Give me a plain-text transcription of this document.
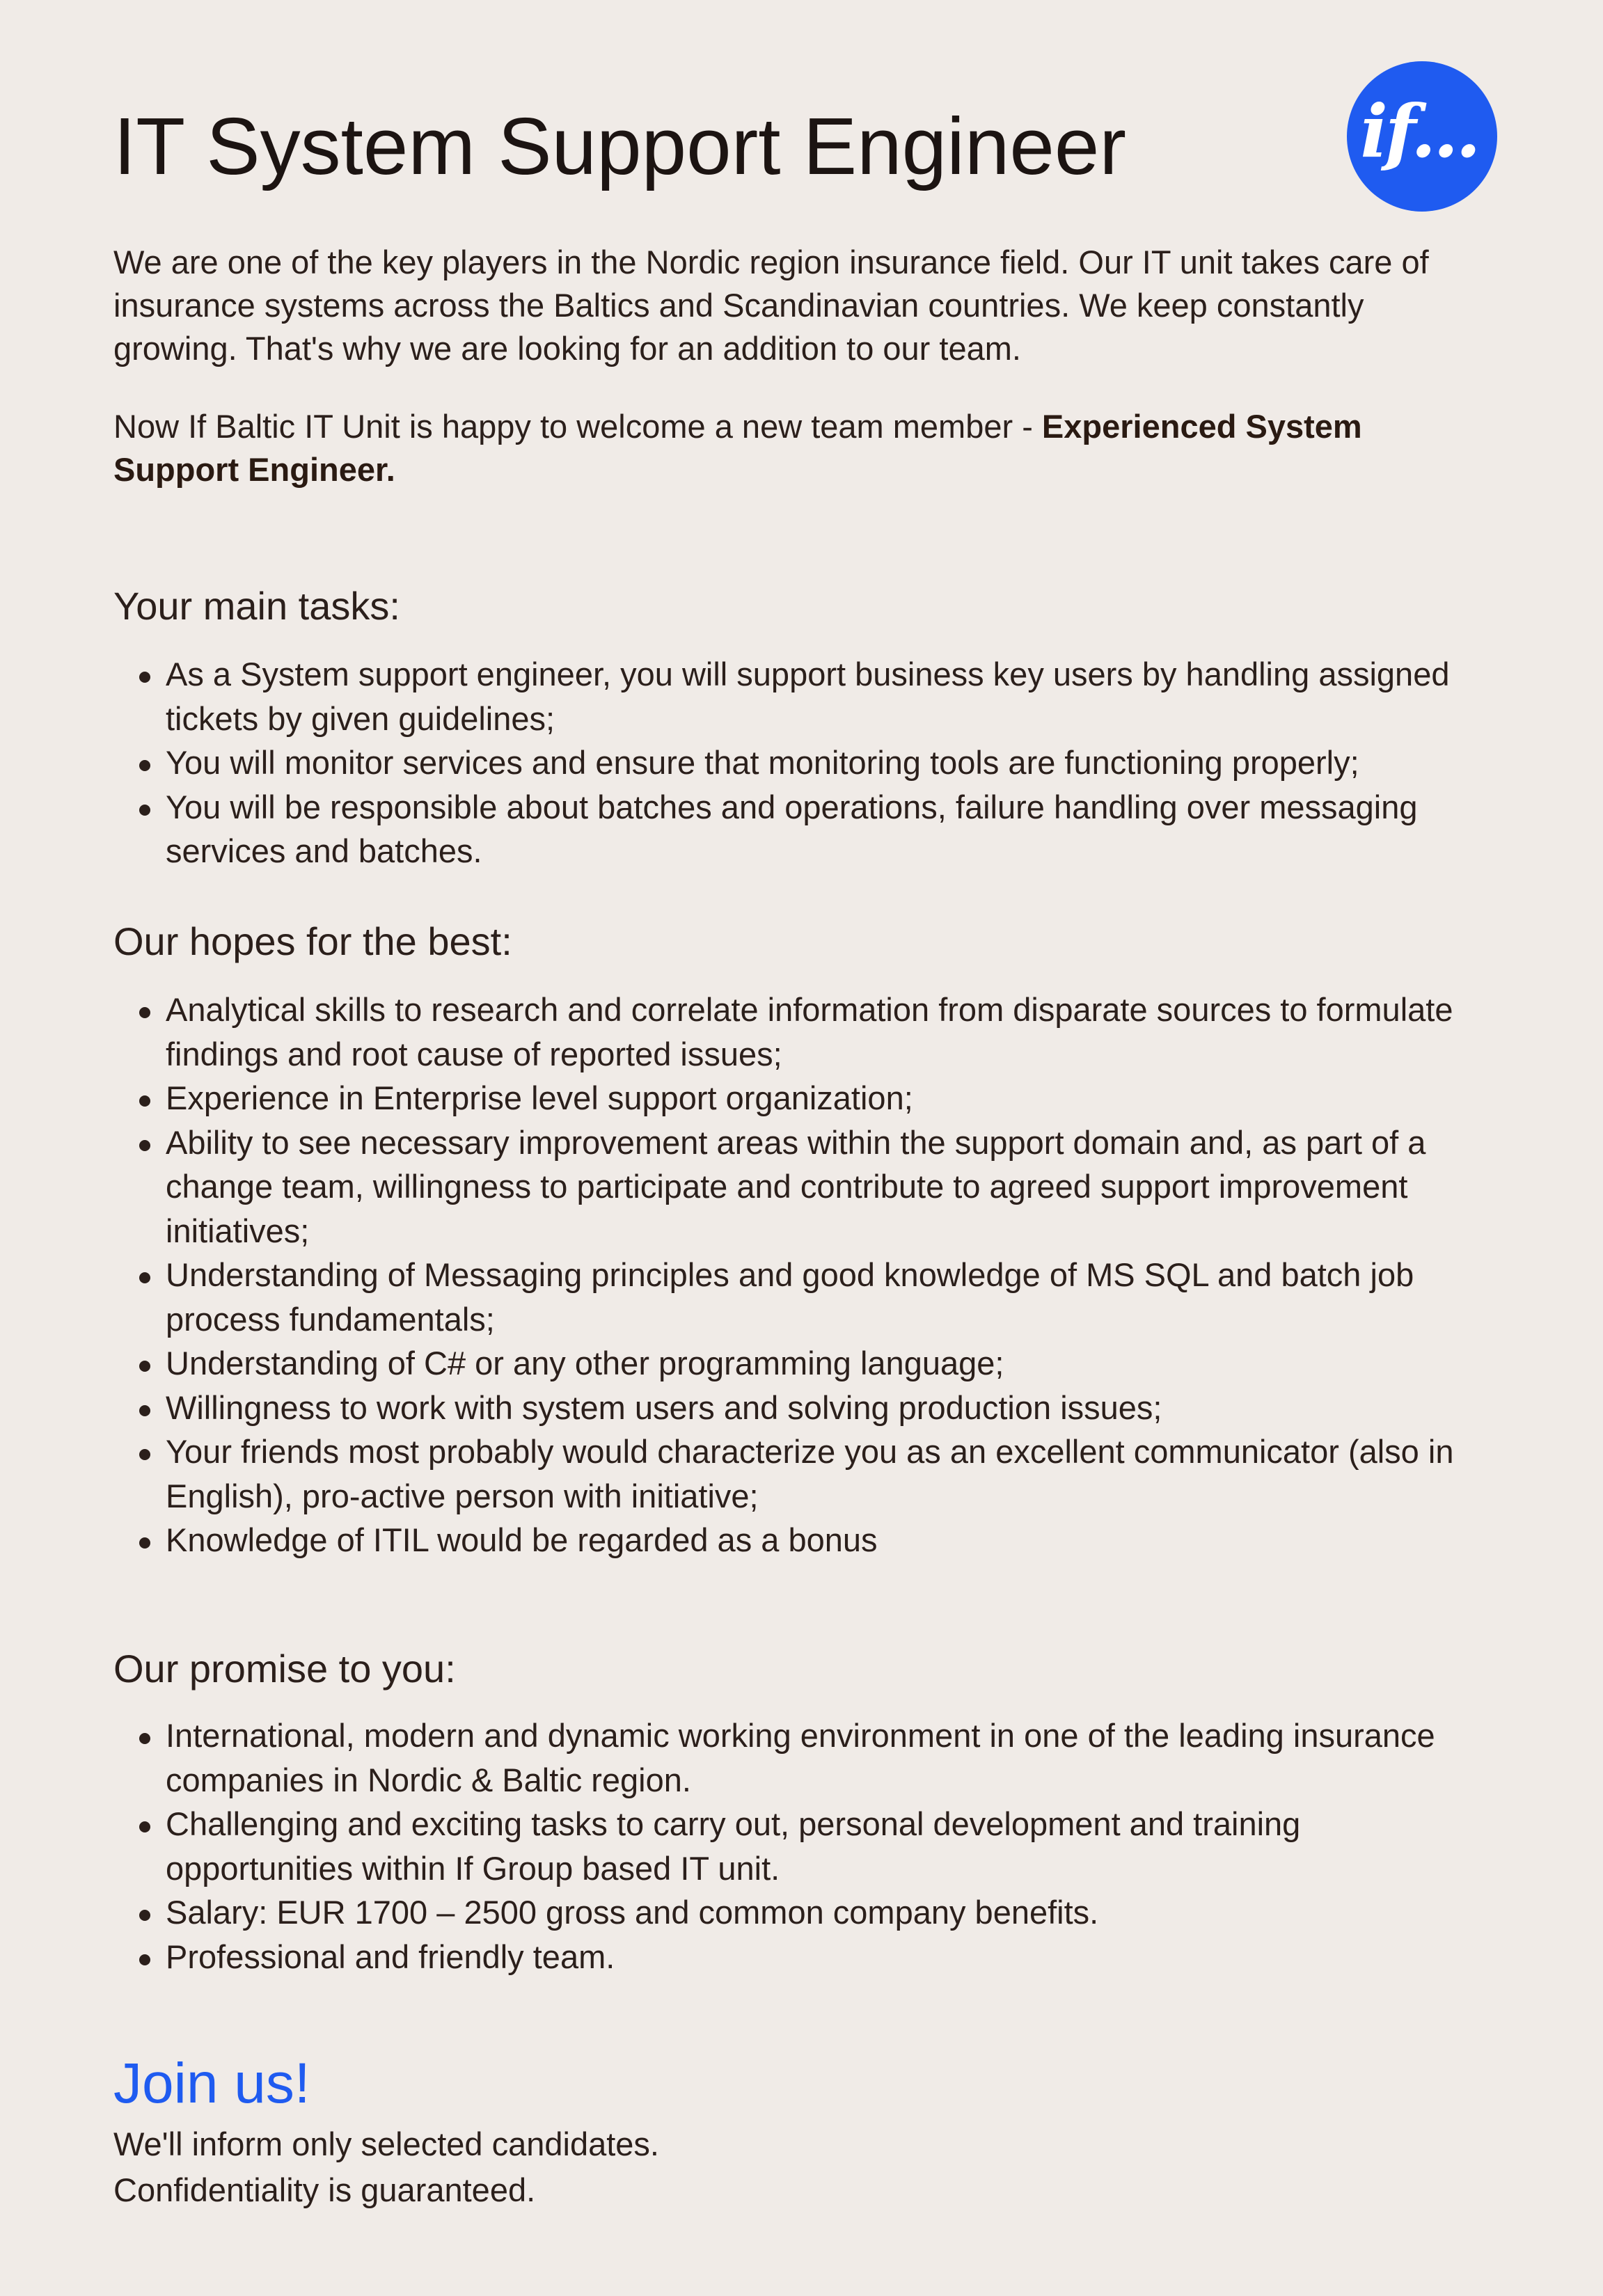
IT System Support Engineer	if...

We are one of the key players in the Nordic region insurance field. Our IT unit takes care of insurance systems across the Baltics and Scandinavian countries. We keep constantly growing. That's why we are looking for an addition to our team.

Now If Baltic IT Unit is happy to welcome a new team member - Experienced System Support Engineer.

Your main tasks:
As a System support engineer, you will support business key users by handling assigned tickets by given guidelines;
You will monitor services and ensure that monitoring tools are functioning properly;
You will be responsible about batches and operations, failure handling over messaging services and batches.
Our hopes for the best:
Analytical skills to research and correlate information from disparate sources to formulate findings and root cause of reported issues;
Experience in Enterprise level support organization;
Ability to see necessary improvement areas within the support domain and, as part of a change team, willingness to participate and contribute to agreed support improvement initiatives;
Understanding of Messaging principles and good knowledge of MS SQL and batch job process fundamentals;
Understanding of C# or any other programming language;
Willingness to work with system users and solving production issues;
Your friends most probably would characterize you as an excellent communicator (also in English), pro-active person with initiative;
Knowledge of ITIL would be regarded as a bonus
Our promise to you:
International, modern and dynamic working environment in one of the leading insurance companies in Nordic & Baltic region.
Challenging and exciting tasks to carry out, personal development and training opportunities within If Group based IT unit.
Salary: EUR 1700 – 2500 gross and common company benefits.
Professional and friendly team.
Join us!
We'll inform only selected candidates.
Confidentiality is guaranteed.
